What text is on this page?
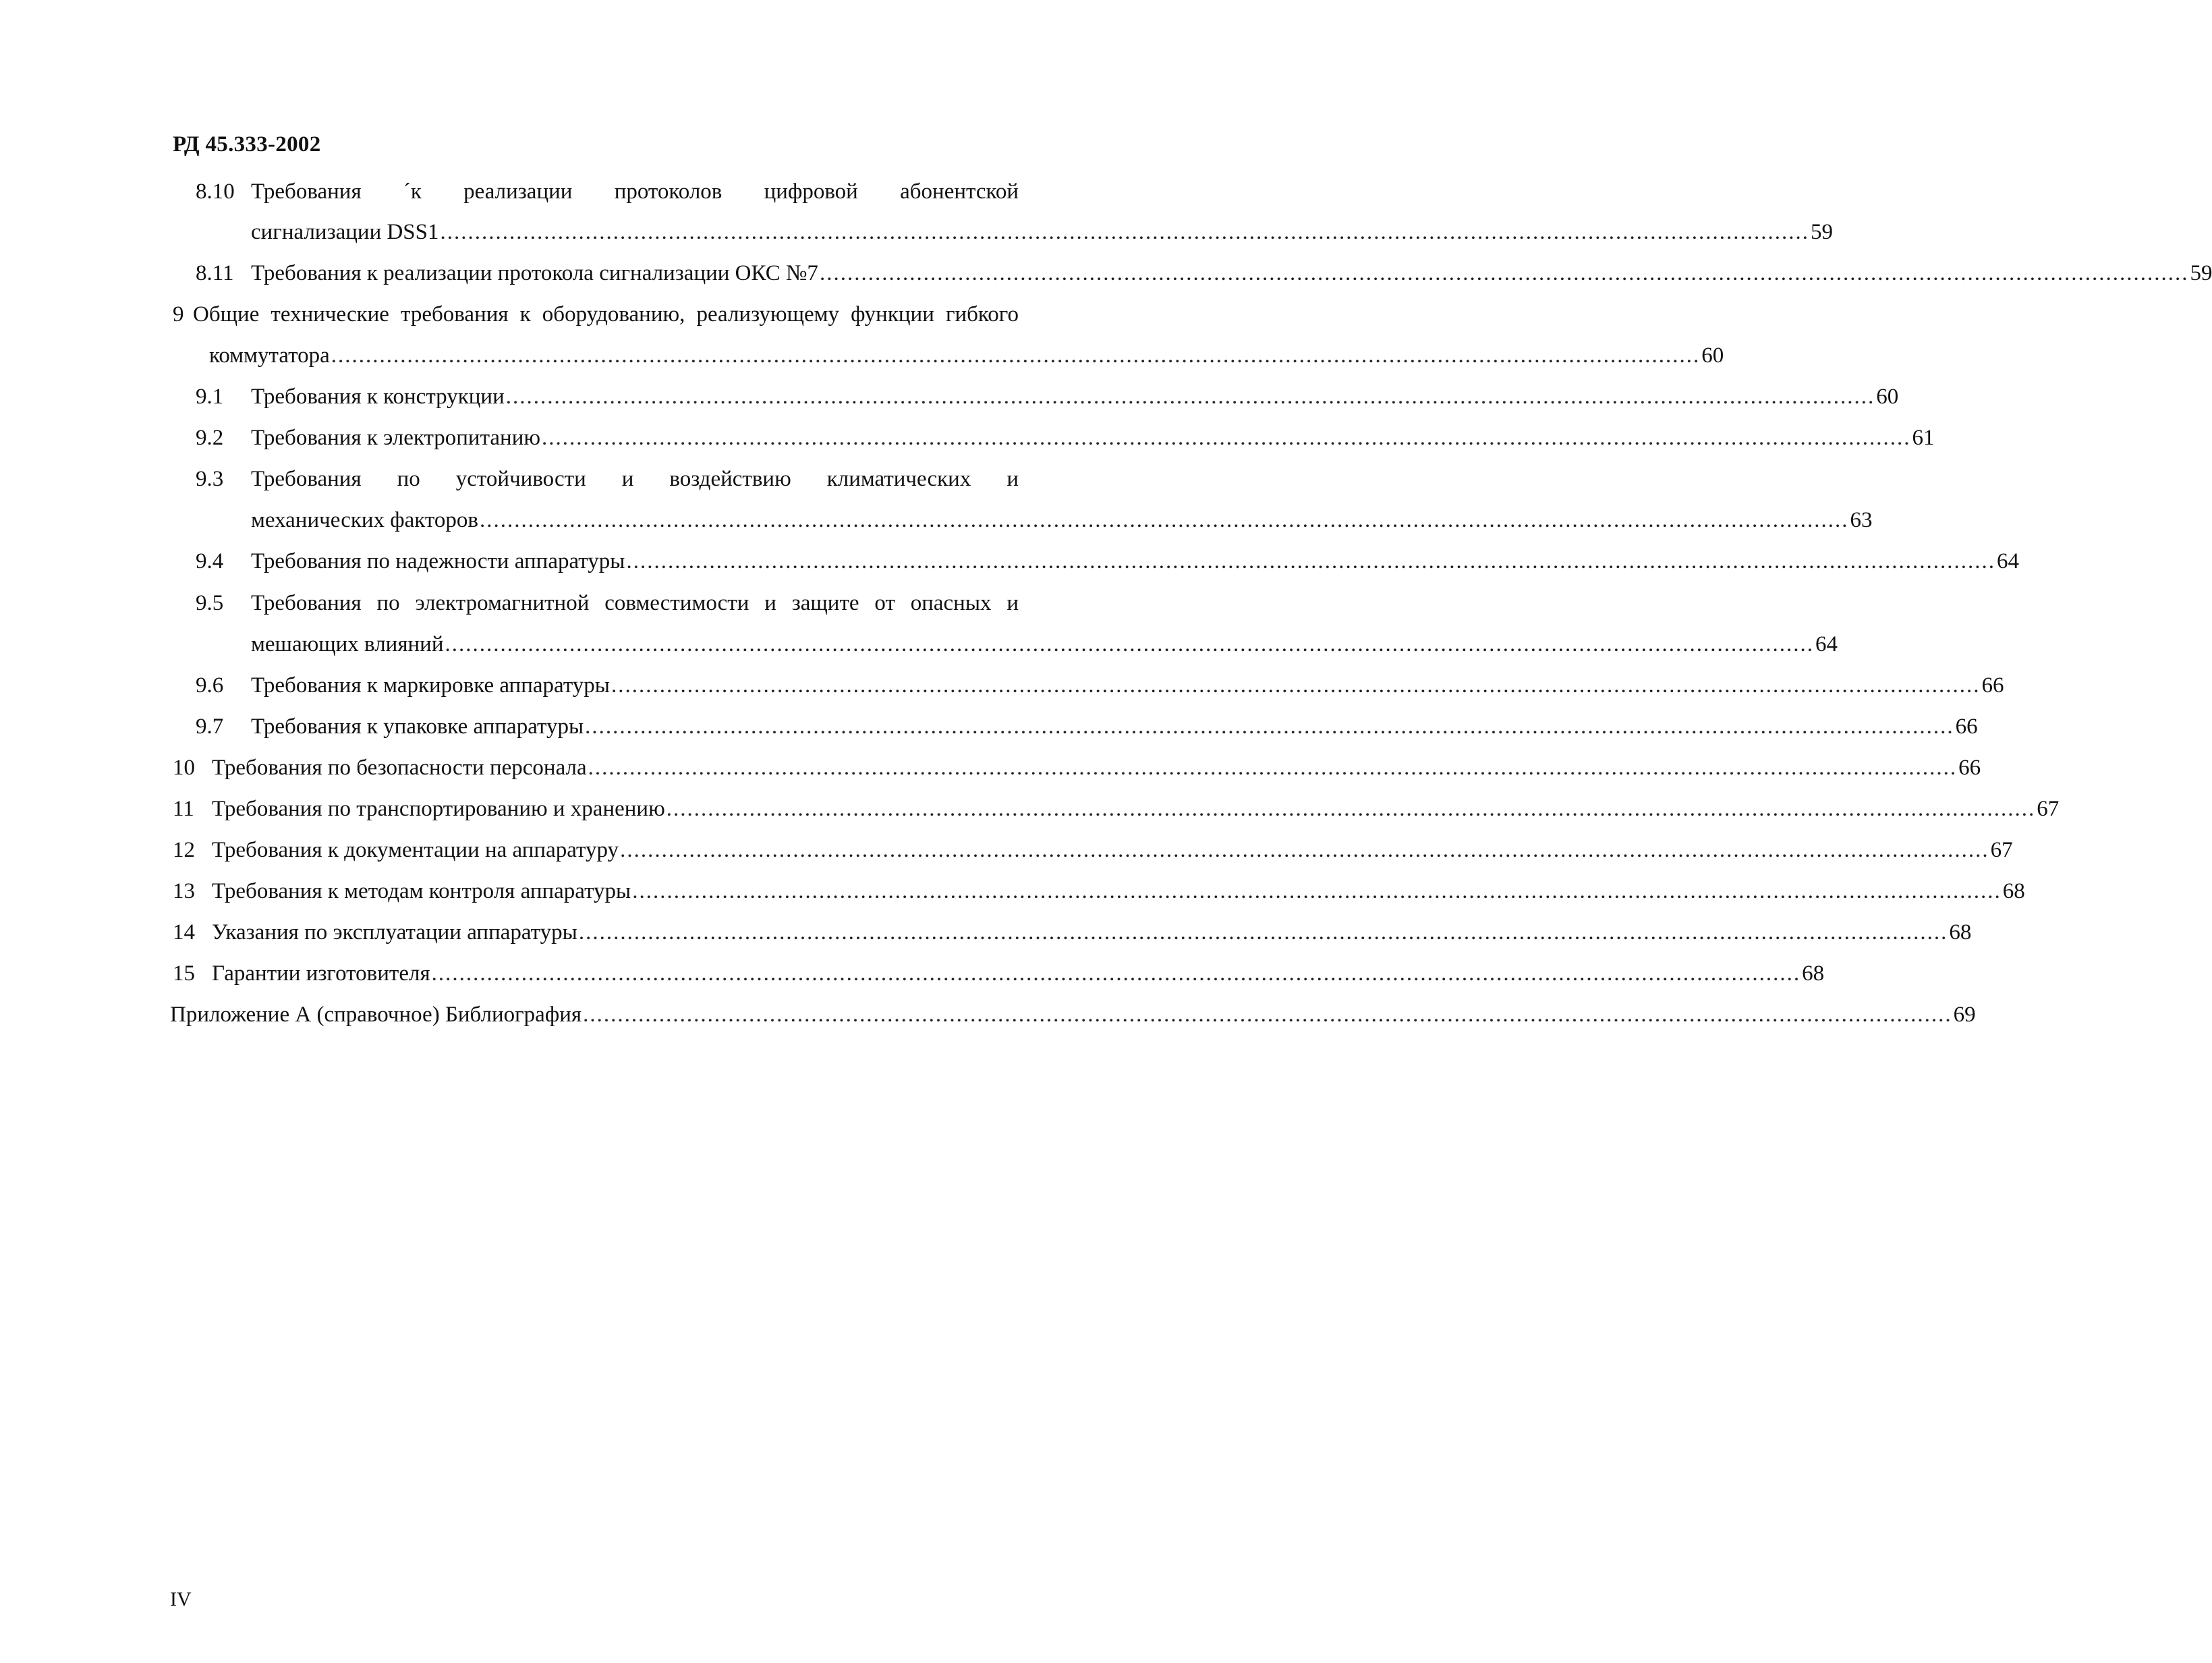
РД 45.333-2002
8.10 Требования ´к реализации протоколов цифровой абонентской
сигнализации DSS1 ...................................................................................................................................................................................................... 59
8.11 Требования к реализации протокола сигнализации ОКС №7 ...................................................................................................................................................................................................... 59
9 Общие технические требования к оборудованию, реализующему функции гибкого
коммутатора ...................................................................................................................................................................................................... 60
9.1 Требования к конструкции ...................................................................................................................................................................................................... 60
9.2 Требования к электропитанию ...................................................................................................................................................................................................... 61
9.3 Требования по устойчивости и воздействию климатических и
механических факторов ...................................................................................................................................................................................................... 63
9.4 Требования по надежности аппаратуры ...................................................................................................................................................................................................... 64
9.5 Требования по электромагнитной совместимости и защите от опасных и
мешающих влияний ...................................................................................................................................................................................................... 64
9.6 Требования к маркировке аппаратуры ...................................................................................................................................................................................................... 66
9.7 Требования к упаковке аппаратуры ...................................................................................................................................................................................................... 66
10 Требования по безопасности персонала ...................................................................................................................................................................................................... 66
11 Требования по транспортированию и хранению ...................................................................................................................................................................................................... 67
12 Требования к документации на аппаратуру ...................................................................................................................................................................................................... 67
13 Требования к методам контроля аппаратуры ...................................................................................................................................................................................................... 68
14 Указания по эксплуатации аппаратуры ...................................................................................................................................................................................................... 68
15 Гарантии изготовителя ...................................................................................................................................................................................................... 68
Приложение А (справочное) Библиография ...................................................................................................................................................................................................... 69
IV
